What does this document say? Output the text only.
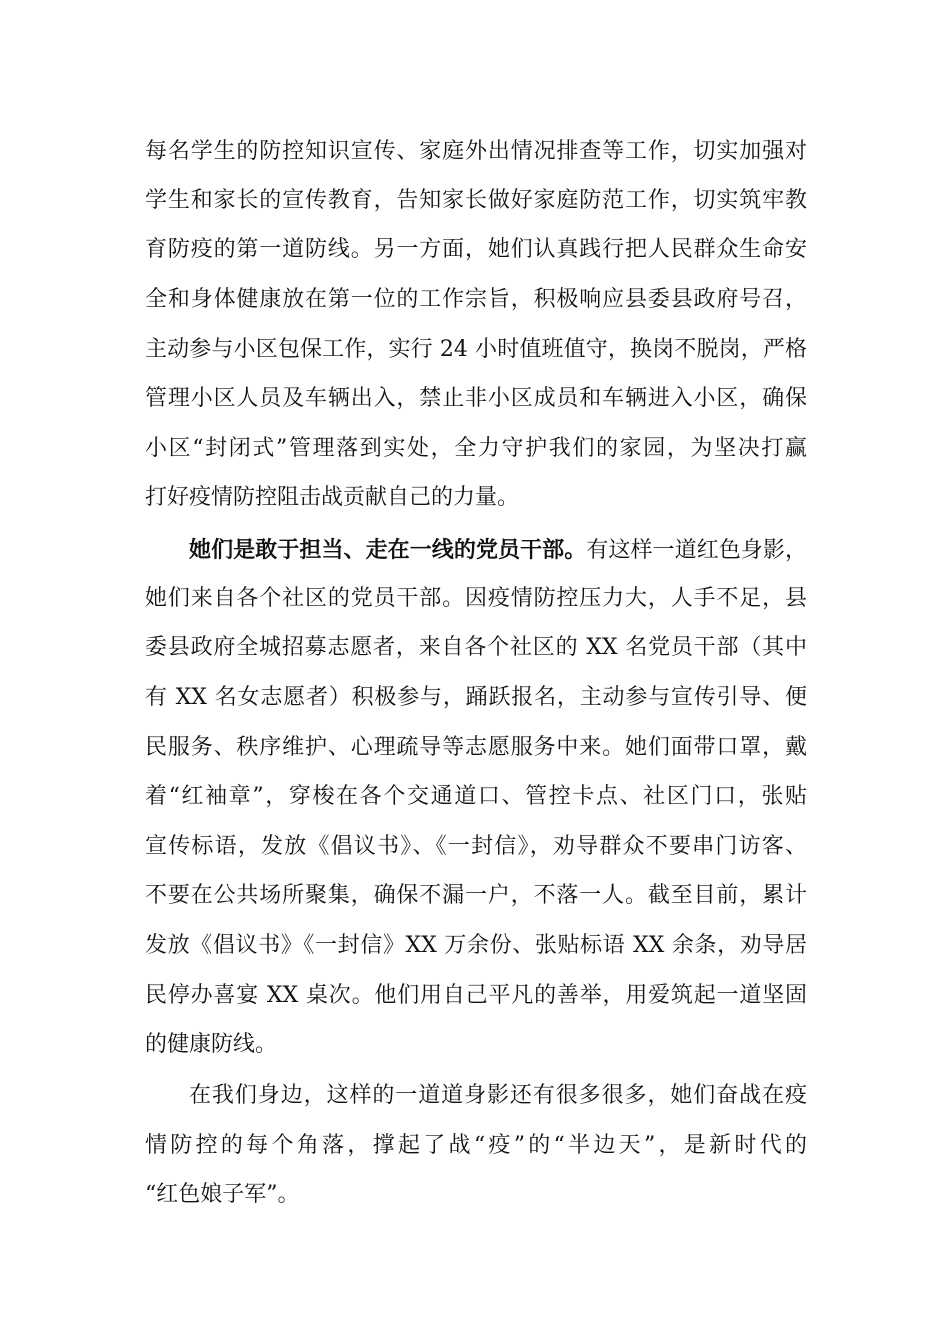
每名学生的防控知识宣传、家庭外出情况排查等工作，切实加强对
学生和家长的宣传教育，告知家长做好家庭防范工作，切实筑牢教
育防疫的第一道防线。另一方面，她们认真践行把人民群众生命安
全和身体健康放在第一位的工作宗旨，积极响应县委县政府号召，
主动参与小区包保工作，实行 24 小时值班值守，换岗不脱岗，严格
管理小区人员及车辆出入，禁止非小区成员和车辆进入小区，确保
小区“封闭式”管理落到实处，全力守护我们的家园，为坚决打赢
打好疫情防控阻击战贡献自己的力量。
她们是敢于担当、走在一线的党员干部。有这样一道红色身影，
她们来自各个社区的党员干部。因疫情防控压力大，人手不足，县
委县政府全城招募志愿者，来自各个社区的 XX 名党员干部（其中
有 XX 名女志愿者）积极参与，踊跃报名，主动参与宣传引导、便
民服务、秩序维护、心理疏导等志愿服务中来。她们面带口罩，戴
着“红袖章”，穿梭在各个交通道口、管控卡点、社区门口，张贴
宣传标语，发放《倡议书》、《一封信》，劝导群众不要串门访客、
不要在公共场所聚集，确保不漏一户，不落一人。截至目前，累计
发放《倡议书》《一封信》XX 万余份、张贴标语 XX 余条，劝导居
民停办喜宴 XX 桌次。他们用自己平凡的善举，用爱筑起一道坚固
的健康防线。
在我们身边，这样的一道道身影还有很多很多，她们奋战在疫
情防控的每个角落，撑起了战“疫”的“半边天”，是新时代的
“红色娘子军”。
